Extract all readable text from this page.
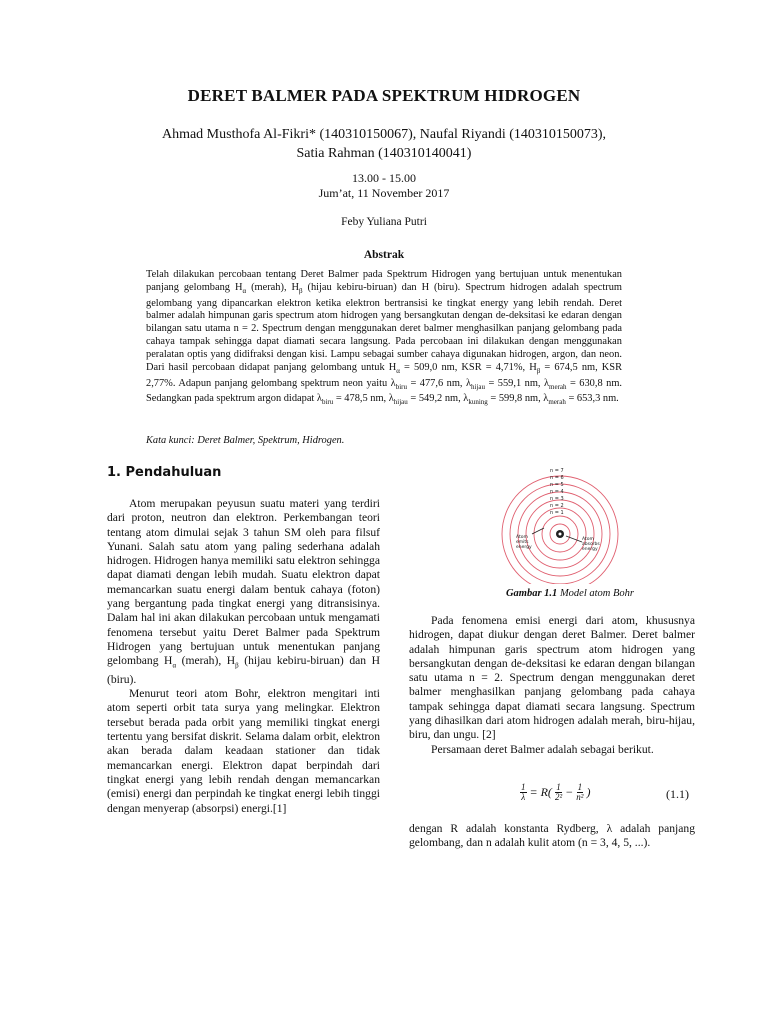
DERET BALMER PADA SPEKTRUM HIDROGEN
Ahmad Musthofa Al-Fikri* (140310150067), Naufal Riyandi (140310150073),
Satia Rahman (140310140041)
13.00 - 15.00
Jum’at, 11 November 2017
Feby Yuliana Putri
Abstrak
Telah dilakukan percobaan tentang Deret Balmer pada Spektrum Hidrogen yang bertujuan untuk menentukan panjang gelombang $H_\alpha$ (merah), $H_\beta$ (hijau kebiru-biruan) dan H (biru). Spectrum hidrogen adalah spectrum gelombang yang dipancarkan elektron ketika elektron bertransisi ke tingkat energy yang lebih rendah. Deret balmer adalah himpunan garis spectrum atom hidrogen yang bersangkutan dengan de-deksitasi ke edaran dengan bilangan satu utama n = 2. Spectrum dengan menggunakan deret balmer menghasilkan panjang gelombang pada cahaya tampak sehingga dapat diamati secara langsung. Pada percobaan ini dilakukan dengan menggunakan peralatan optis yang didifraksi dengan kisi. Lampu sebagai sumber cahaya digunakan hidrogen, argon, dan neon. Dari hasil percobaan didapat panjang gelombang untuk $H_\alpha = 509,0$ nm, KSR = 4,71%, $H_\beta = 674,5$ nm, KSR 2,77%. Adapun panjang gelombang spektrum neon yaitu $\lambda_{biru} = 477,6$ nm, $\lambda_{hijau} = 559,1$ nm, $\lambda_{merah} = 630,8$ nm. Sedangkan pada spektrum argon didapat $\lambda_{biru} = 478,5$ nm, $\lambda_{hijau} = 549,2$ nm, $\lambda_{kuning} = 599,8$ nm, $\lambda_{merah} = 653,3$ nm.
Kata kunci: Deret Balmer, Spektrum, Hidrogen.
1. Pendahuluan

Atom merupakan peyusun suatu materi yang terdiri dari proton, neutron dan elektron. Perkembangan teori tentang atom dimulai sejak 3 tahun SM oleh para filsuf Yunani. Salah satu atom yang paling sederhana adalah hidrogen. Hidrogen hanya memiliki satu elektron sehingga dapat diamati dengan lebih mudah. Suatu elektron dapat memancarkan suatu energi dalam bentuk cahaya (foton) yang bergantung pada tingkat energi yang ditransisinya. Dalam hal ini akan dilakukan percobaan untuk mengamati fenomena tersebut yaitu Deret Balmer pada Spektrum Hidrogen yang bertujuan untuk menentukan panjang gelombang $H_\alpha$ (merah), $H_\beta$ (hijau kebiru-biruan) dan H (biru).

Menurut teori atom Bohr, elektron mengitari inti atom seperti orbit tata surya yang melingkar. Elektron tersebut berada pada orbit yang memiliki tingkat energi tertentu yang bersifat diskrit. Selama dalam orbit, elektron akan berada dalam keadaan stationer dan tidak memancarkan energi. Elektron dapat berpindah dari tingkat energi yang lebih rendah dengan memancarkan (emisi) energi dan perpindah ke tingkat energi lebih tinggi dengan menyerap (absorpsi) energi.[1]

n = 7
n = 6
n = 5
n = 4
n = 3
n = 2
n = 1
Atom
emits
energy
Atom
absorbs
energy
Gambar 1.1 Model atom Bohr

Pada fenomena emisi energi dari atom, khususnya hidrogen, dapat diukur dengan deret Balmer. Deret balmer adalah himpunan garis spectrum atom hidrogen yang bersangkutan dengan de-deksitasi ke edaran dengan bilangan satu utama n = 2. Spectrum dengan menggunakan deret balmer menghasilkan panjang gelombang pada cahaya tampak sehingga dapat diamati secara langsung. Spectrum yang dihasilkan dari atom hidrogen adalah merah, biru-hijau, biru, dan ungu. [2]

Persamaan deret Balmer adalah sebagai berikut.

$\frac{1}{\lambda} = R( \frac{1}{\text{2²}} - \frac{1}{\text{n²}}$ )	(1.1)
dengan R adalah konstanta Rydberg, λ adalah panjang gelombang, dan n adalah kulit atom (n = 3, 4, 5, ...).
